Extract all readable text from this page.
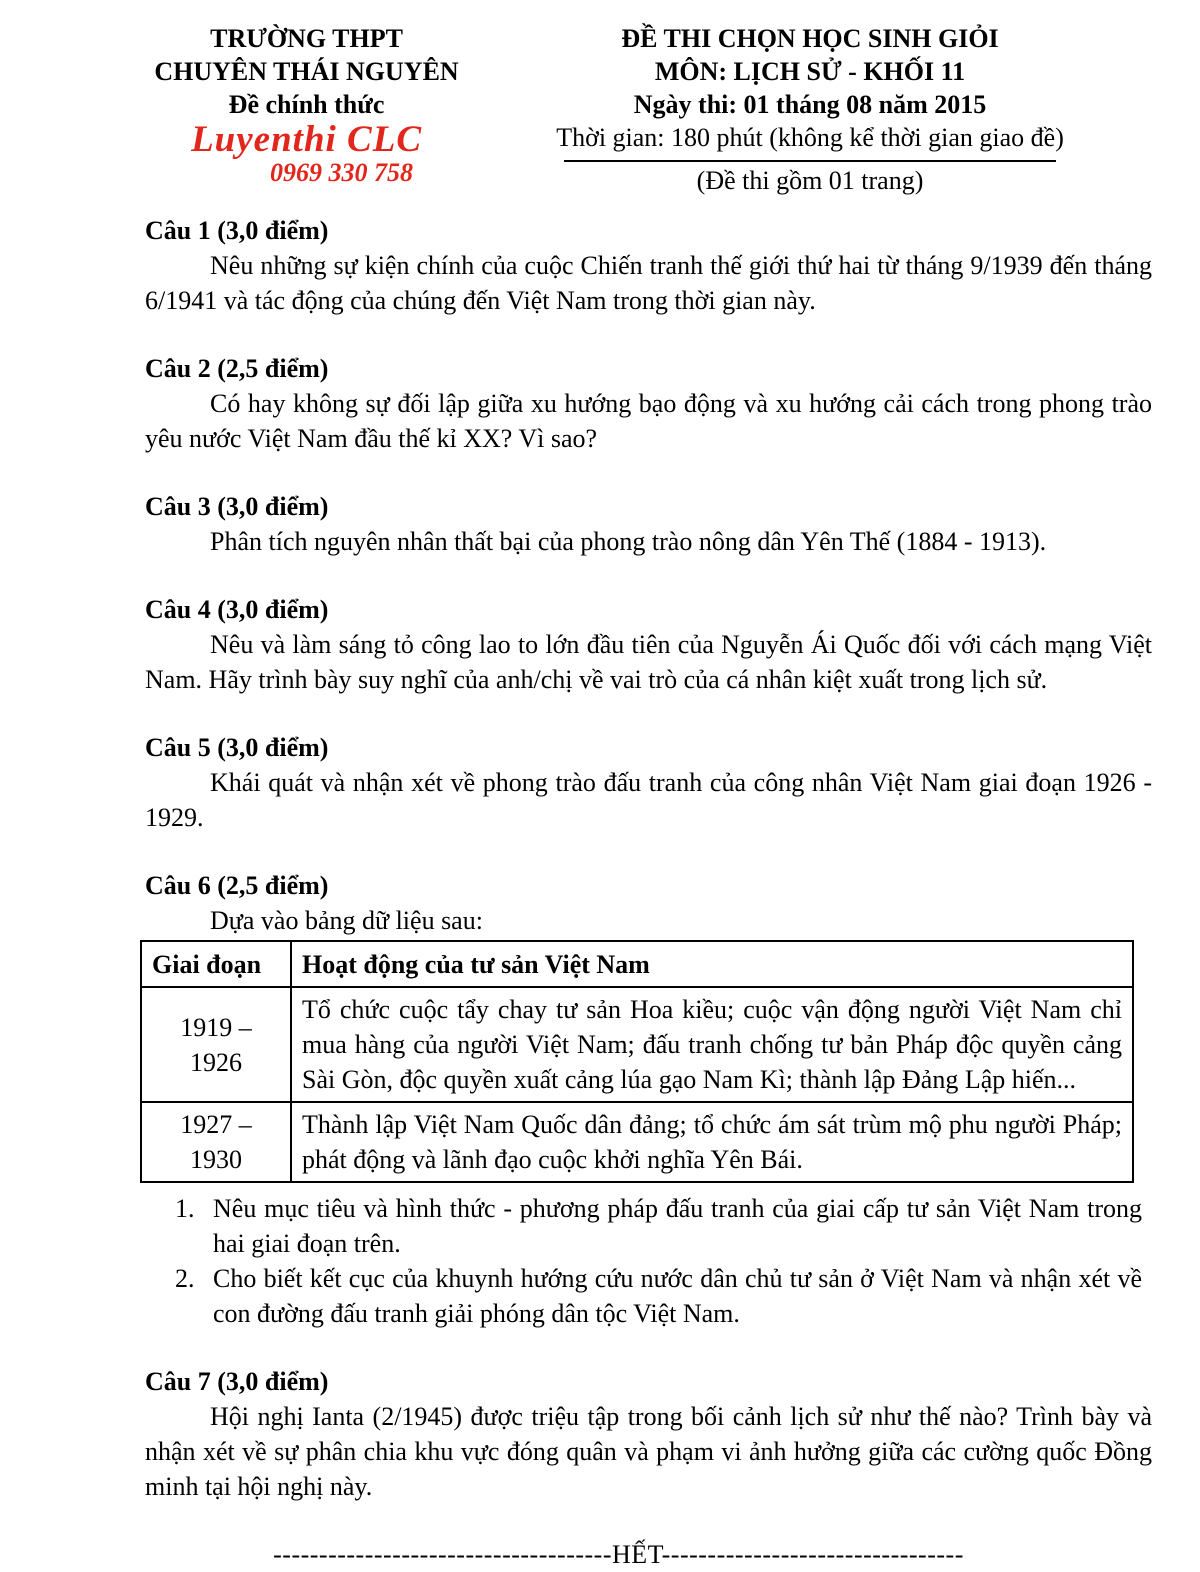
TRƯỜNG THPT
CHUYÊN THÁI NGUYÊN
Đề chính thức
Luyenthi CLC
0969 330 758
ĐỀ THI CHỌN HỌC SINH GIỎI
MÔN: LỊCH SỬ - KHỐI 11
Ngày thi: 01 tháng 08 năm 2015
Thời gian: 180 phút (không kể thời gian giao đề)
(Đề thi gồm 01 trang)
Câu 1 (3,0 điểm)
Nêu những sự kiện chính của cuộc Chiến tranh thế giới thứ hai từ tháng 9/1939 đến tháng 6/1941 và tác động của chúng đến Việt Nam trong thời gian này.
Câu 2 (2,5 điểm)
Có hay không sự đối lập giữa xu hướng bạo động và xu hướng cải cách trong phong trào yêu nước Việt Nam đầu thế kỉ XX? Vì sao?
Câu 3 (3,0 điểm)
Phân tích nguyên nhân thất bại của phong trào nông dân Yên Thế (1884 - 1913).
Câu 4 (3,0 điểm)
Nêu và làm sáng tỏ công lao to lớn đầu tiên của Nguyễn Ái Quốc đối với cách mạng Việt Nam. Hãy trình bày suy nghĩ của anh/chị về vai trò của cá nhân kiệt xuất trong lịch sử.
Câu 5 (3,0 điểm)
Khái quát và nhận xét về phong trào đấu tranh của công nhân Việt Nam giai đoạn 1926 - 1929.
Câu 6 (2,5 điểm)
Dựa vào bảng dữ liệu sau:
Giai đoạn	Hoạt động của tư sản Việt Nam
1919 – 1926	Tổ chức cuộc tẩy chay tư sản Hoa kiều; cuộc vận động người Việt Nam chỉ mua hàng của người Việt Nam; đấu tranh chống tư bản Pháp độc quyền cảng Sài Gòn, độc quyền xuất cảng lúa gạo Nam Kì; thành lập Đảng Lập hiến...
1927 – 1930	Thành lập Việt Nam Quốc dân đảng; tổ chức ám sát trùm mộ phu người Pháp; phát động và lãnh đạo cuộc khởi nghĩa Yên Bái.
1. Nêu mục tiêu và hình thức - phương pháp đấu tranh của giai cấp tư sản Việt Nam trong hai giai đoạn trên.
2. Cho biết kết cục của khuynh hướng cứu nước dân chủ tư sản ở Việt Nam và nhận xét về con đường đấu tranh giải phóng dân tộc Việt Nam.
Câu 7 (3,0 điểm)
Hội nghị Ianta (2/1945) được triệu tập trong bối cảnh lịch sử như thế nào? Trình bày và nhận xét về sự phân chia khu vực đóng quân và phạm vi ảnh hưởng giữa các cường quốc Đồng minh tại hội nghị này.
-------------------------------------HẾT---------------------------------
